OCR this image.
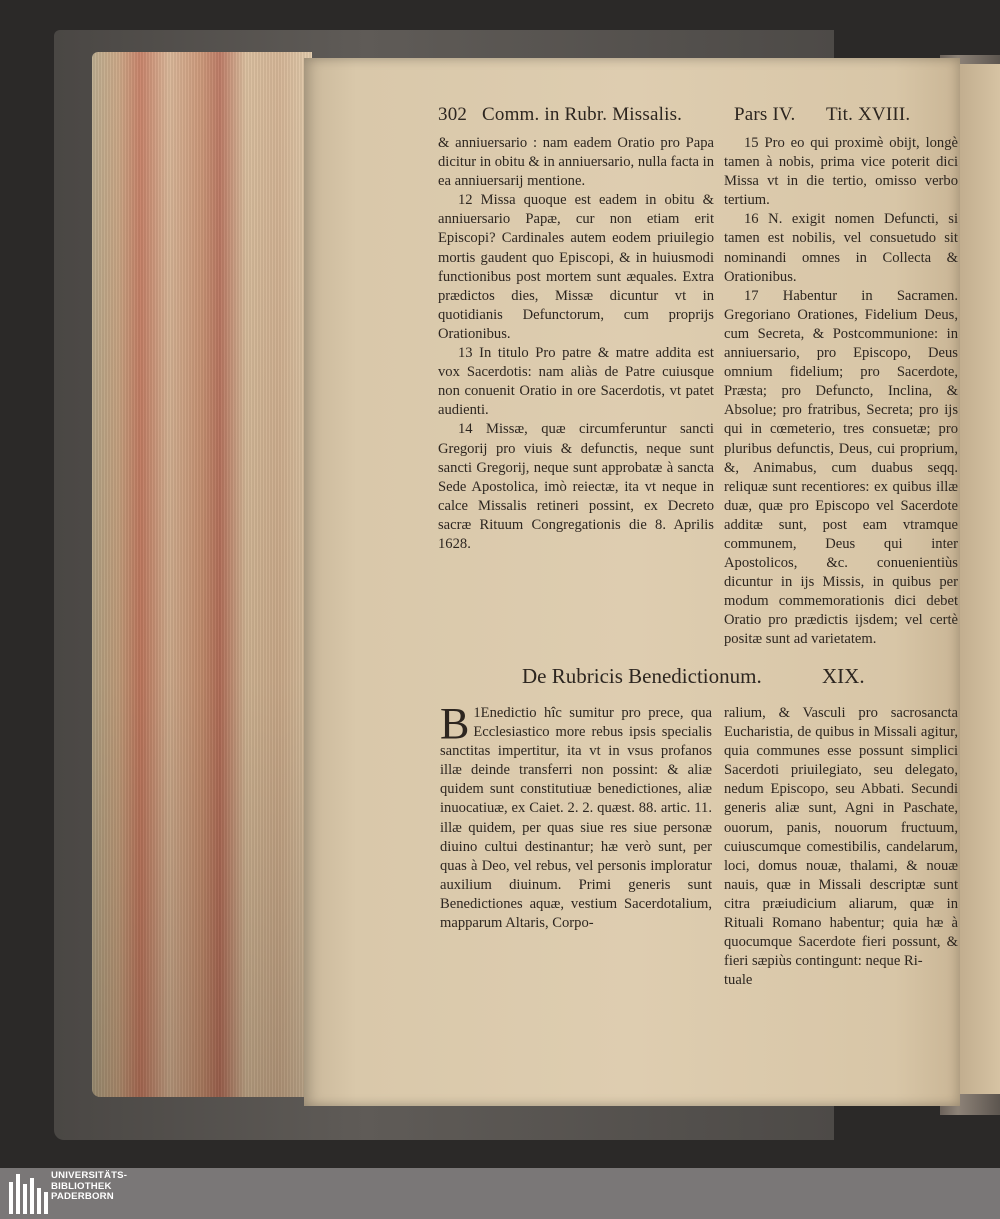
302 Comm. in Rubr. Missalis.	Pars IV. Tit. XVIII.

& anniuersario : nam eadem Oratio pro Papa dicitur in obitu & in anniuersario, nulla facta in ea anniuersarij mentione.

12 Missa quoque est eadem in obitu & anniuersario Papæ, cur non etiam erit Episcopi? Cardinales autem eodem priuilegio mortis gaudent quo Episcopi, & in huiusmodi functionibus post mortem sunt æquales. Extra prædictos dies, Missæ dicuntur vt in quotidianis Defunctorum, cum proprijs Orationibus.

13 In titulo Pro patre & matre addita est vox Sacerdotis: nam aliàs de Patre cuiusque non conuenit Oratio in ore Sacerdotis, vt patet audienti.

14 Missæ, quæ circumferuntur sancti Gregorij pro viuis & defunctis, neque sunt sancti Gregorij, neque sunt approbatæ à sancta Sede Apostolica, imò reiectæ, ita vt neque in calce Missalis retineri possint, ex Decreto sacræ Rituum Congregationis die 8. Aprilis 1628.

15 Pro eo qui proximè obijt, longè tamen à nobis, prima vice poterit dici Missa vt in die tertio, omisso verbo tertium.

16 N. exigit nomen Defuncti, si tamen est nobilis, vel consuetudo sit nominandi omnes in Collecta & Orationibus.

17 Habentur in Sacramen. Gregoriano Orationes, Fidelium Deus, cum Secreta, & Postcommunione: in anniuersario, pro Episcopo, Deus omnium fidelium; pro Sacerdote, Præsta; pro Defuncto, Inclina, & Absolue; pro fratribus, Secreta; pro ijs qui in cœmeterio, tres consuetæ; pro pluribus defunctis, Deus, cui proprium, &, Animabus, cum duabus seqq. reliquæ sunt recentiores: ex quibus illæ duæ, quæ pro Episcopo vel Sacerdote additæ sunt, post eam vtramque communem, Deus qui inter Apostolicos, &c. conuenientiùs dicuntur in ijs Missis, in quibus per modum commemorationis dici debet Oratio pro prædictis ijsdem; vel certè positæ sunt ad varietatem.

De Rubricis Benedictionum.	XIX.

1
B Enedictio hîc sumitur pro prece, qua Ecclesiastico more rebus ipsis specialis sanctitas impertitur, ita vt in vsus profanos illæ deinde transferri non possint: & aliæ quidem sunt constitutiuæ benedictiones, aliæ inuocatiuæ, ex Caiet. 2. 2. quæst. 88. artic. 11. illæ quidem, per quas siue res siue personæ diuino cultui destinantur; hæ verò sunt, per quas à Deo, vel rebus, vel personis imploratur auxilium diuinum. Primi generis sunt Benedictiones aquæ, vestium Sacerdotalium, mapparum Altaris, Corpo-

ralium, & Vasculi pro sacrosancta Eucharistia, de quibus in Missali agitur, quia communes esse possunt simplici Sacerdoti priuilegiato, seu delegato, nedum Episcopo, seu Abbati. Secundi generis aliæ sunt, Agni in Paschate, ouorum, panis, nouorum fructuum, cuiuscumque comestibilis, candelarum, loci, domus nouæ, thalami, & nouæ nauis, quæ in Missali descriptæ sunt citra præiudicium aliarum, quæ in Rituali Romano habentur; quia hæ à quocumque Sacerdote fieri possunt, & fieri sæpiùs contingunt: neque Ri-

tuale

UNIVERSITÄTS-
BIBLIOTHEK
PADERBORN
